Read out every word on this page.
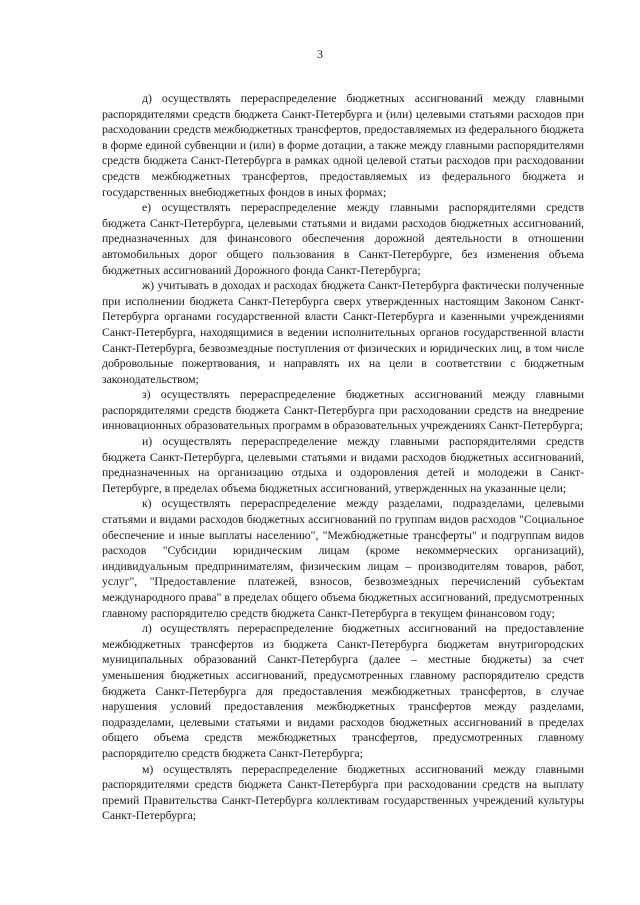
3

д) осуществлять перераспределение бюджетных ассигнований между главными распорядителями средств бюджета Санкт-Петербурга и (или) целевыми статьями расходов при расходовании средств межбюджетных трансфертов, предоставляемых из федерального бюджета в форме единой субвенции и (или) в форме дотации, а также между главными распорядителями средств бюджета Санкт-Петербурга в рамках одной целевой статьи расходов при расходовании средств межбюджетных трансфертов, предоставляемых из федерального бюджета и государственных внебюджетных фондов в иных формах;

е) осуществлять перераспределение между главными распорядителями средств бюджета Санкт-Петербурга, целевыми статьями и видами расходов бюджетных ассигнований, предназначенных для финансового обеспечения дорожной деятельности в отношении автомобильных дорог общего пользования в Санкт-Петербурге, без изменения объема бюджетных ассигнований Дорожного фонда Санкт-Петербурга;

ж) учитывать в доходах и расходах бюджета Санкт-Петербурга фактически полученные при исполнении бюджета Санкт-Петербурга сверх утвержденных настоящим Законом Санкт-Петербурга органами государственной власти Санкт-Петербурга и казенными учреждениями Санкт-Петербурга, находящимися в ведении исполнительных органов государственной власти Санкт-Петербурга, безвозмездные поступления от физических и юридических лиц, в том числе добровольные пожертвования, и направлять их на цели в соответствии с бюджетным законодательством;

з) осуществлять перераспределение бюджетных ассигнований между главными распорядителями средств бюджета Санкт-Петербурга при расходовании средств на внедрение инновационных образовательных программ в образовательных учреждениях Санкт-Петербурга;

и) осуществлять перераспределение между главными распорядителями средств бюджета Санкт-Петербурга, целевыми статьями и видами расходов бюджетных ассигнований, предназначенных на организацию отдыха и оздоровления детей и молодежи в Санкт-Петербурге, в пределах объема бюджетных ассигнований, утвержденных на указанные цели;

к) осуществлять перераспределение между разделами, подразделами, целевыми статьями и видами расходов бюджетных ассигнований по группам видов расходов "Социальное обеспечение и иные выплаты населению", "Межбюджетные трансферты" и подгруппам видов расходов "Субсидии юридическим лицам (кроме некоммерческих организаций), индивидуальным предпринимателям, физическим лицам – производителям товаров, работ, услуг", "Предоставление платежей, взносов, безвозмездных перечислений субъектам международного права" в пределах общего объема бюджетных ассигнований, предусмотренных главному распорядителю средств бюджета Санкт-Петербурга в текущем финансовом году;

л) осуществлять перераспределение бюджетных ассигнований на предоставление межбюджетных трансфертов из бюджета Санкт-Петербурга бюджетам внутригородских муниципальных образований Санкт-Петербурга (далее – местные бюджеты) за счет уменьшения бюджетных ассигнований, предусмотренных главному распорядителю средств бюджета Санкт-Петербурга для предоставления межбюджетных трансфертов, в случае нарушения условий предоставления межбюджетных трансфертов между разделами, подразделами, целевыми статьями и видами расходов бюджетных ассигнований в пределах общего объема средств межбюджетных трансфертов, предусмотренных главному распорядителю средств бюджета Санкт-Петербурга;

м) осуществлять перераспределение бюджетных ассигнований между главными распорядителями средств бюджета Санкт-Петербурга при расходовании средств на выплату премий Правительства Санкт-Петербурга коллективам государственных учреждений культуры Санкт-Петербурга;
